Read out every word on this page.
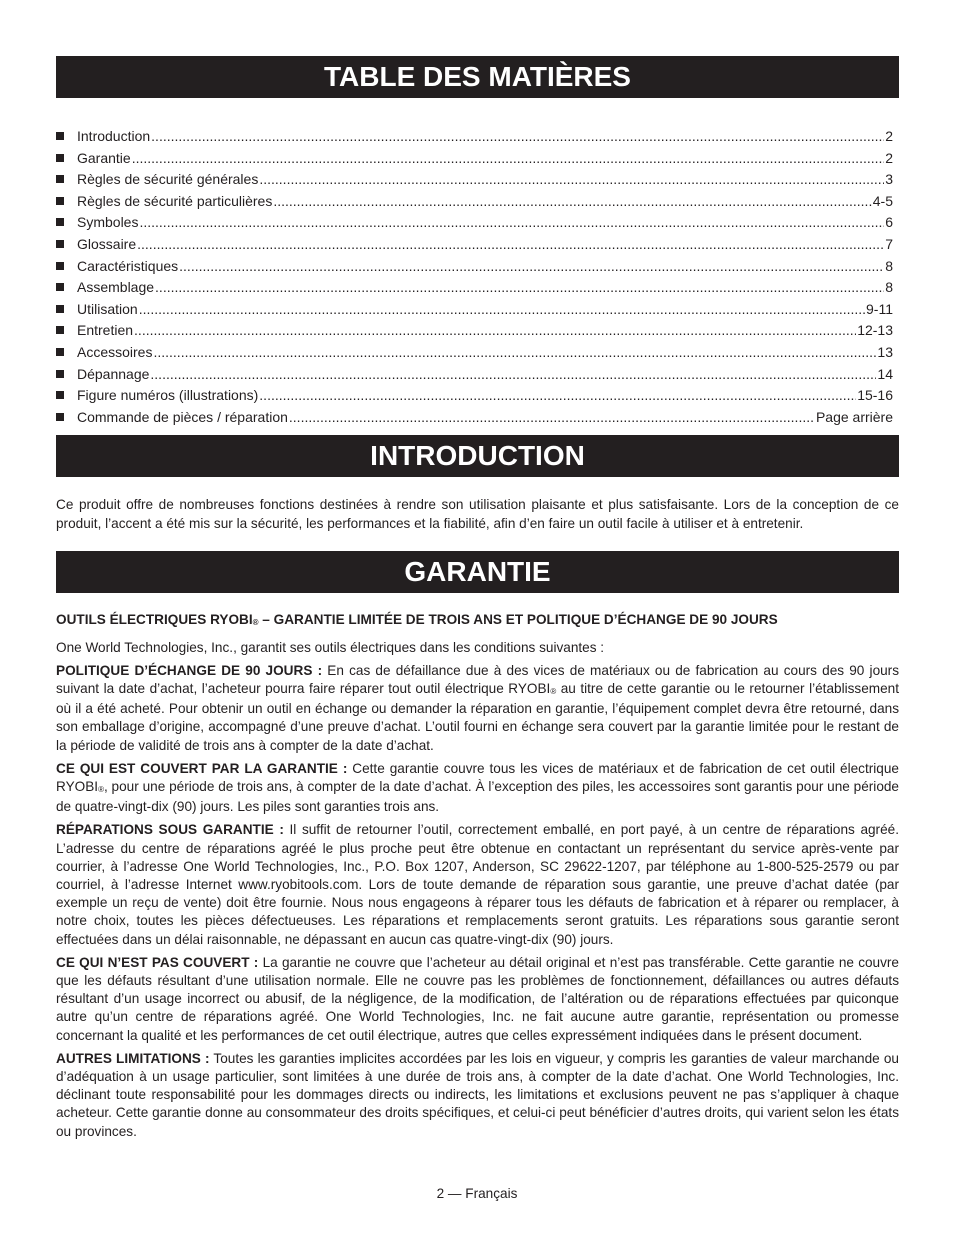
TABLE DES MATIÈRES
Introduction .....	2
Garantie .....	2
Règles de sécurité générales .....	3
Règles de sécurité particulières .....	4-5
Symboles .....	6
Glossaire .....	7
Caractéristiques .....	8
Assemblage .....	8
Utilisation .....	9-11
Entretien .....	12-13
Accessoires .....	13
Dépannage .....	14
Figure numéros (illustrations) .....	15-16
Commande de pièces / réparation .....	Page arrière
INTRODUCTION

Ce produit offre de nombreuses fonctions destinées à rendre son utilisation plaisante et plus satisfaisante. Lors de la conception de ce produit, l’accent a été mis sur la sécurité, les performances et la fiabilité, afin d’en faire un outil facile à utiliser et à entretenir.

GARANTIE

OUTILS ÉLECTRIQUES RYOBI® – GARANTIE LIMITÉE DE TROIS ANS ET POLITIQUE D’ÉCHANGE DE 90 JOURS

One World Technologies, Inc., garantit ses outils électriques dans les conditions suivantes :

POLITIQUE D’ÉCHANGE DE 90 JOURS : En cas de défaillance due à des vices de matériaux ou de fabrication au cours des 90 jours suivant la date d’achat, l’acheteur pourra faire réparer tout outil électrique RYOBI® au titre de cette garantie ou le retourner l’établissement où il a été acheté. Pour obtenir un outil en échange ou demander la réparation en garantie, l’équipement complet devra être retourné, dans son emballage d’origine, accompagné d’une preuve d’achat. L’outil fourni en échange sera couvert par la garantie limitée pour le restant de la période de validité de trois ans à compter de la date d’achat.

CE QUI EST COUVERT PAR LA GARANTIE : Cette garantie couvre tous les vices de matériaux et de fabrication de cet outil électrique RYOBI®, pour une période de trois ans, à compter de la date d’achat. À l’exception des piles, les accessoires sont garantis pour une période de quatre-vingt-dix (90) jours. Les piles sont garanties trois ans.

RÉPARATIONS SOUS GARANTIE : Il suffit de retourner l’outil, correctement emballé, en port payé, à un centre de réparations agréé. L’adresse du centre de réparations agréé le plus proche peut être obtenue en contactant un représentant du service après-vente par courrier, à l’adresse One World Technologies, Inc., P.O. Box 1207, Anderson, SC 29622-1207, par téléphone au 1-800-525-2579 ou par courriel, à l’adresse Internet www.ryobitools.com. Lors de toute demande de réparation sous garantie, une preuve d’achat datée (par exemple un reçu de vente) doit être fournie. Nous nous engageons à réparer tous les défauts de fabrication et à réparer ou remplacer, à notre choix, toutes les pièces défectueuses. Les réparations et remplacements seront gratuits. Les réparations sous garantie seront effectuées dans un délai raisonnable, ne dépassant en aucun cas quatre-vingt-dix (90) jours.

CE QUI N’EST PAS COUVERT : La garantie ne couvre que l’acheteur au détail original et n’est pas transférable. Cette garantie ne couvre que les défauts résultant d’une utilisation normale. Elle ne couvre pas les problèmes de fonctionnement, défaillances ou autres défauts résultant d’un usage incorrect ou abusif, de la négligence, de la modification, de l’altération ou de réparations effectuées par quiconque autre qu’un centre de réparations agréé. One World Technologies, Inc. ne fait aucune autre garantie, représentation ou promesse concernant la qualité et les performances de cet outil électrique, autres que celles expressément indiquées dans le présent document.

AUTRES LIMITATIONS : Toutes les garanties implicites accordées par les lois en vigueur, y compris les garanties de valeur marchande ou d’adéquation à un usage particulier, sont limitées à une durée de trois ans, à compter de la date d’achat. One World Technologies, Inc. déclinant toute responsabilité pour les dommages directs ou indirects, les limitations et exclusions peuvent ne pas s’appliquer à chaque acheteur. Cette garantie donne au consommateur des droits spécifiques, et celui-ci peut bénéficier d’autres droits, qui varient selon les états ou provinces.

2 — Français
